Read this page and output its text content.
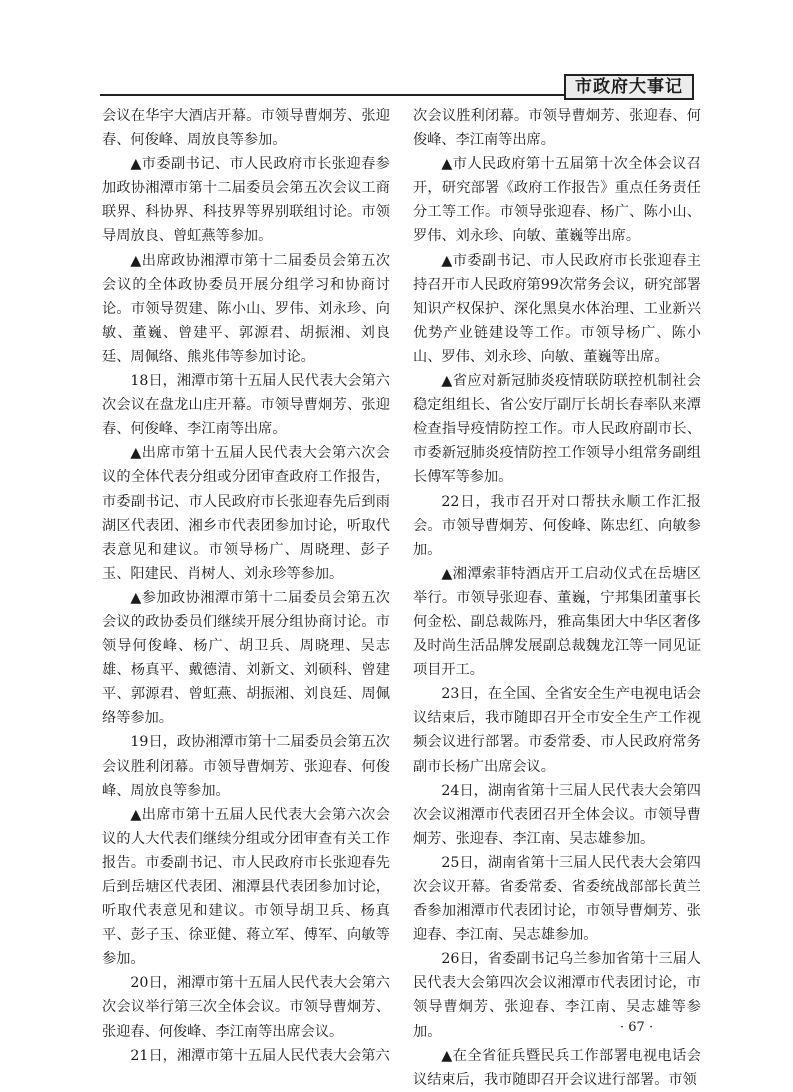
市政府大事记

会议在华宇大酒店开幕。市领导曹炯芳、张迎春、何俊峰、周放良等参加。

▲市委副书记、市人民政府市长张迎春参加政协湘潭市第十二届委员会第五次会议工商联界、科协界、科技界等界别联组讨论。市领导周放良、曾虹燕等参加。

▲出席政协湘潭市第十二届委员会第五次会议的全体政协委员开展分组学习和协商讨论。市领导贺建、陈小山、罗伟、刘永珍、向敏、董巍、曾建平、郭源君、胡振湘、刘良廷、周佩络、熊兆伟等参加讨论。

18日，湘潭市第十五届人民代表大会第六次会议在盘龙山庄开幕。市领导曹炯芳、张迎春、何俊峰、李江南等出席。

▲出席市第十五届人民代表大会第六次会议的全体代表分组或分团审查政府工作报告，市委副书记、市人民政府市长张迎春先后到雨湖区代表团、湘乡市代表团参加讨论，听取代表意见和建议。市领导杨广、周晓理、彭子玉、阳建民、肖树人、刘永珍等参加。

▲参加政协湘潭市第十二届委员会第五次会议的政协委员们继续开展分组协商讨论。市领导何俊峰、杨广、胡卫兵、周晓理、吴志雄、杨真平、戴德清、刘新文、刘硕科、曾建平、郭源君、曾虹燕、胡振湘、刘良廷、周佩络等参加。

19日，政协湘潭市第十二届委员会第五次会议胜利闭幕。市领导曹炯芳、张迎春、何俊峰、周放良等参加。

▲出席市第十五届人民代表大会第六次会议的人大代表们继续分组或分团审查有关工作报告。市委副书记、市人民政府市长张迎春先后到岳塘区代表团、湘潭县代表团参加讨论，听取代表意见和建议。市领导胡卫兵、杨真平、彭子玉、徐亚健、蒋立军、傅军、向敏等参加。

20日，湘潭市第十五届人民代表大会第六次会议举行第三次全体会议。市领导曹炯芳、张迎春、何俊峰、李江南等出席会议。

21日，湘潭市第十五届人民代表大会第六

次会议胜利闭幕。市领导曹炯芳、张迎春、何俊峰、李江南等出席。

▲市人民政府第十五届第十次全体会议召开，研究部署《政府工作报告》重点任务责任分工等工作。市领导张迎春、杨广、陈小山、罗伟、刘永珍、向敏、董巍等出席。

▲市委副书记、市人民政府市长张迎春主持召开市人民政府第99次常务会议，研究部署知识产权保护、深化黑臭水体治理、工业新兴优势产业链建设等工作。市领导杨广、陈小山、罗伟、刘永珍、向敏、董巍等出席。

▲省应对新冠肺炎疫情联防联控机制社会稳定组组长、省公安厅副厅长胡长春率队来潭检查指导疫情防控工作。市人民政府副市长、市委新冠肺炎疫情防控工作领导小组常务副组长傅军等参加。

22日，我市召开对口帮扶永顺工作汇报会。市领导曹炯芳、何俊峰、陈忠红、向敏参加。

▲湘潭索菲特酒店开工启动仪式在岳塘区举行。市领导张迎春、董巍，宁邦集团董事长何金松、副总裁陈丹，雅高集团大中华区奢侈及时尚生活品牌发展副总裁魏龙江等一同见证项目开工。

23日，在全国、全省安全生产电视电话会议结束后，我市随即召开全市安全生产工作视频会议进行部署。市委常委、市人民政府常务副市长杨广出席会议。

24日，湖南省第十三届人民代表大会第四次会议湘潭市代表团召开全体会议。市领导曹炯芳、张迎春、李江南、吴志雄参加。

25日，湖南省第十三届人民代表大会第四次会议开幕。省委常委、省委统战部部长黄兰香参加湘潭市代表团讨论，市领导曹炯芳、张迎春、李江南、吴志雄参加。

26日，省委副书记乌兰参加省第十三届人民代表大会第四次会议湘潭市代表团讨论，市领导曹炯芳、张迎春、李江南、吴志雄等参加。

▲在全省征兵暨民兵工作部署电视电话会议结束后，我市随即召开会议进行部署。市领

· 67 ·
